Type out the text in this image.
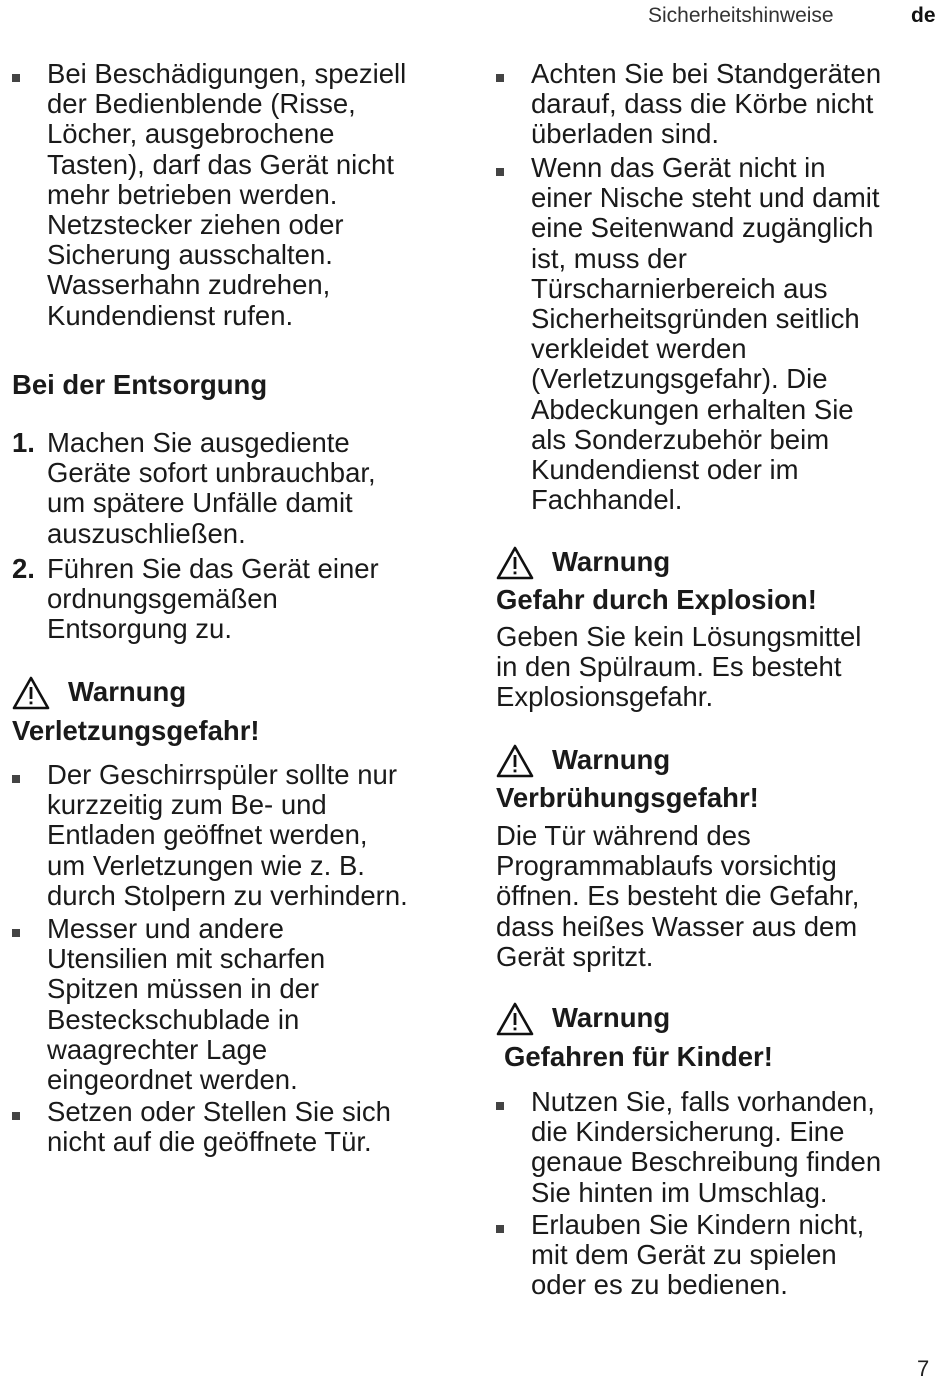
Sicherheitshinweise	de

Bei Beschädigungen, speziell
der Bedienblende (Risse,
Löcher, ausgebrochene
Tasten), darf das Gerät nicht
mehr betrieben werden.
Netzstecker ziehen oder
Sicherung ausschalten.
Wasserhahn zudrehen,
Kundendienst rufen.

Bei der Entsorgung
1. Machen Sie ausgediente
Geräte sofort unbrauchbar,
um spätere Unfälle damit
auszuschließen.

2. Führen Sie das Gerät einer
ordnungsgemäßen
Entsorgung zu.

Warnung
Verletzungsgefahr!

Der Geschirrspüler sollte nur
kurzzeitig zum Be- und
Entladen geöffnet werden,
um Verletzungen wie z. B.
durch Stolpern zu verhindern.

Messer und andere
Utensilien mit scharfen
Spitzen müssen in der
Besteckschublade in
waagrechter Lage
eingeordnet werden.

Setzen oder Stellen Sie sich
nicht auf die geöffnete Tür.

Achten Sie bei Standgeräten
darauf, dass die Körbe nicht
überladen sind.

Wenn das Gerät nicht in
einer Nische steht und damit
eine Seitenwand zugänglich
ist, muss der
Türscharnierbereich aus
Sicherheitsgründen seitlich
verkleidet werden
(Verletzungsgefahr). Die
Abdeckungen erhalten Sie
als Sonderzubehör beim
Kundendienst oder im
Fachhandel.

Warnung
Gefahr durch Explosion!

Geben Sie kein Lösungsmittel
in den Spülraum. Es besteht
Explosionsgefahr.

Warnung
Verbrühungsgefahr!

Die Tür während des
Programmablaufs vorsichtig
öffnen. Es besteht die Gefahr,
dass heißes Wasser aus dem
Gerät spritzt.

Warnung
Gefahren für Kinder!

Nutzen Sie, falls vorhanden,
die Kindersicherung. Eine
genaue Beschreibung finden
Sie hinten im Umschlag.

Erlauben Sie Kindern nicht,
mit dem Gerät zu spielen
oder es zu bedienen.

7
